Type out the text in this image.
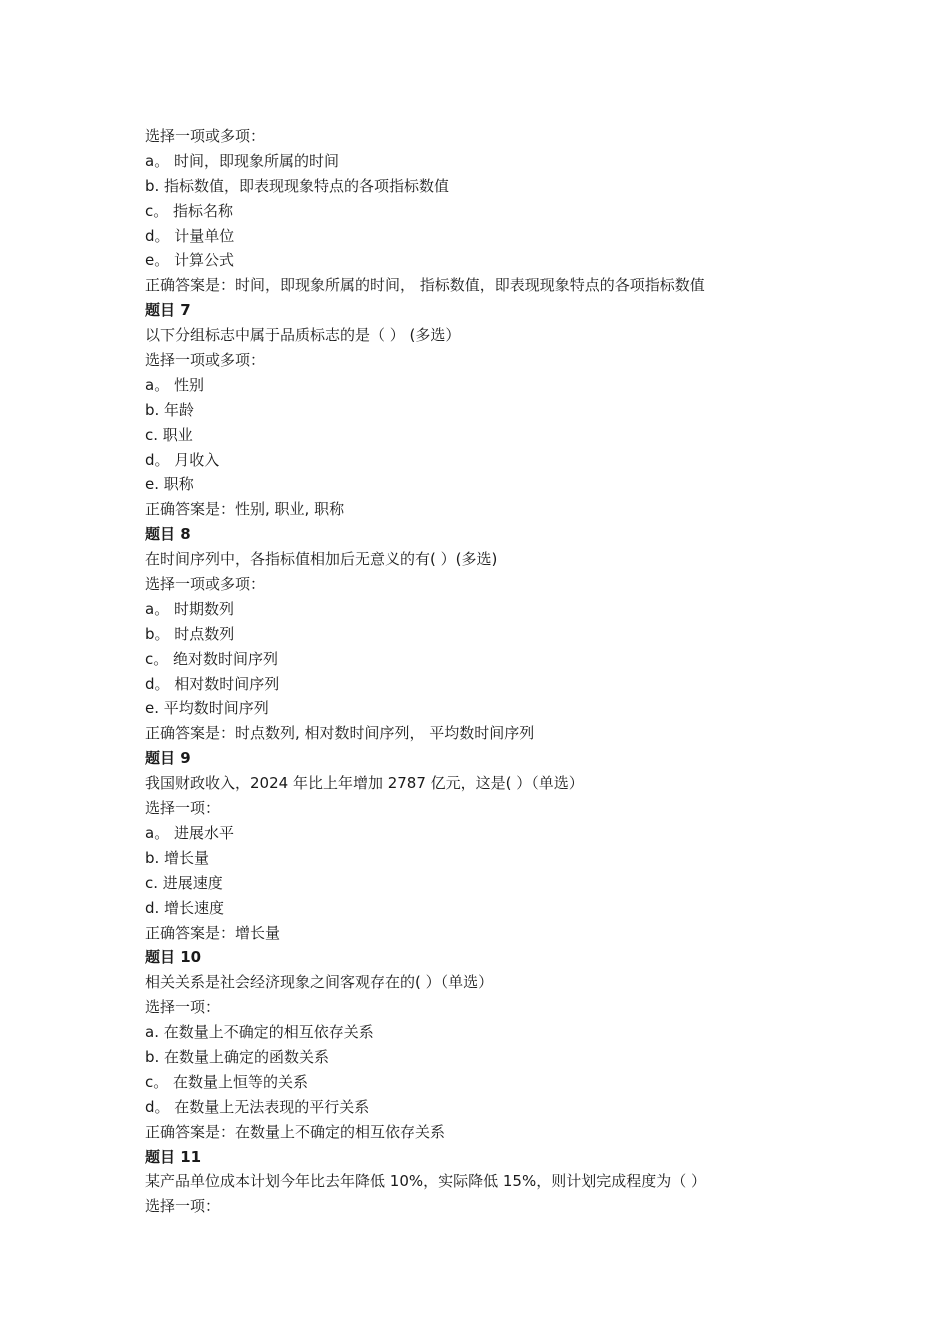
选择一项或多项：
a。 时间，即现象所属的时间
b. 指标数值，即表现现象特点的各项指标数值
c。 指标名称
d。 计量单位
e。 计算公式
正确答案是：时间，即现象所属的时间， 指标数值，即表现现象特点的各项指标数值
题目 7
以下分组标志中属于品质标志的是（ ） (多选）
选择一项或多项：
a。 性别
b. 年龄
c. 职业
d。 月收入
e. 职称
正确答案是：性别, 职业, 职称
题目 8
在时间序列中，各指标值相加后无意义的有( ）(多选)
选择一项或多项：
a。 时期数列
b。 时点数列
c。 绝对数时间序列
d。 相对数时间序列
e. 平均数时间序列
正确答案是：时点数列, 相对数时间序列， 平均数时间序列
题目 9
我国财政收入，2024 年比上年增加 2787 亿元，这是( ）（单选）
选择一项：
a。 进展水平
b. 增长量
c. 进展速度
d. 增长速度
正确答案是：增长量
题目 10
相关关系是社会经济现象之间客观存在的( ）（单选）
选择一项：
a. 在数量上不确定的相互依存关系
b. 在数量上确定的函数关系
c。 在数量上恒等的关系
d。 在数量上无法表现的平行关系
正确答案是：在数量上不确定的相互依存关系
题目 11
某产品单位成本计划今年比去年降低 10%，实际降低 15%，则计划完成程度为（ ）
选择一项：
